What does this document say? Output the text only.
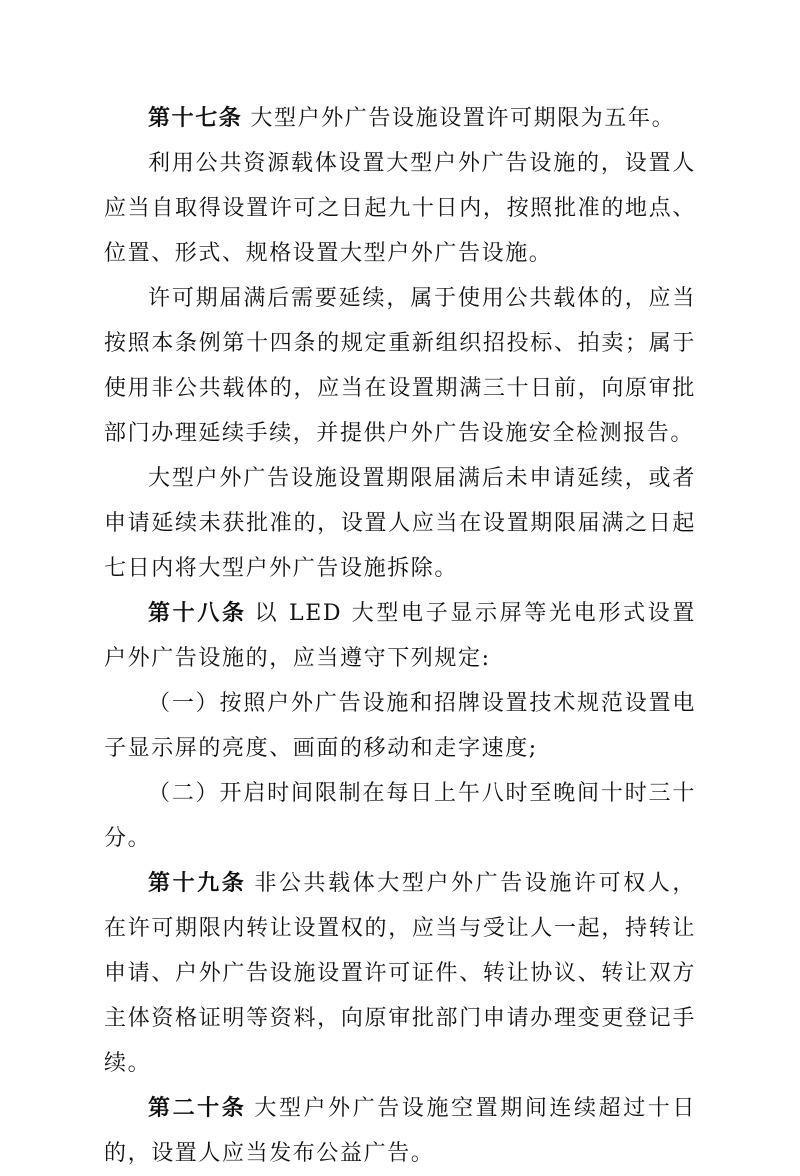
第十七条 大型户外广告设施设置许可期限为五年。

利用公共资源载体设置大型户外广告设施的，设置人应当自取得设置许可之日起九十日内，按照批准的地点、位置、形式、规格设置大型户外广告设施。

许可期届满后需要延续，属于使用公共载体的，应当按照本条例第十四条的规定重新组织招投标、拍卖；属于使用非公共载体的，应当在设置期满三十日前，向原审批部门办理延续手续，并提供户外广告设施安全检测报告。

大型户外广告设施设置期限届满后未申请延续，或者申请延续未获批准的，设置人应当在设置期限届满之日起七日内将大型户外广告设施拆除。

第十八条 以 LED 大型电子显示屏等光电形式设置户外广告设施的，应当遵守下列规定:

（一）按照户外广告设施和招牌设置技术规范设置电子显示屏的亮度、画面的移动和走字速度;

（二）开启时间限制在每日上午八时至晚间十时三十分。

第十九条 非公共载体大型户外广告设施许可权人，在许可期限内转让设置权的，应当与受让人一起，持转让申请、户外广告设施设置许可证件、转让协议、转让双方主体资格证明等资料，向原审批部门申请办理变更登记手续。

第二十条 大型户外广告设施空置期间连续超过十日的，设置人应当发布公益广告。
